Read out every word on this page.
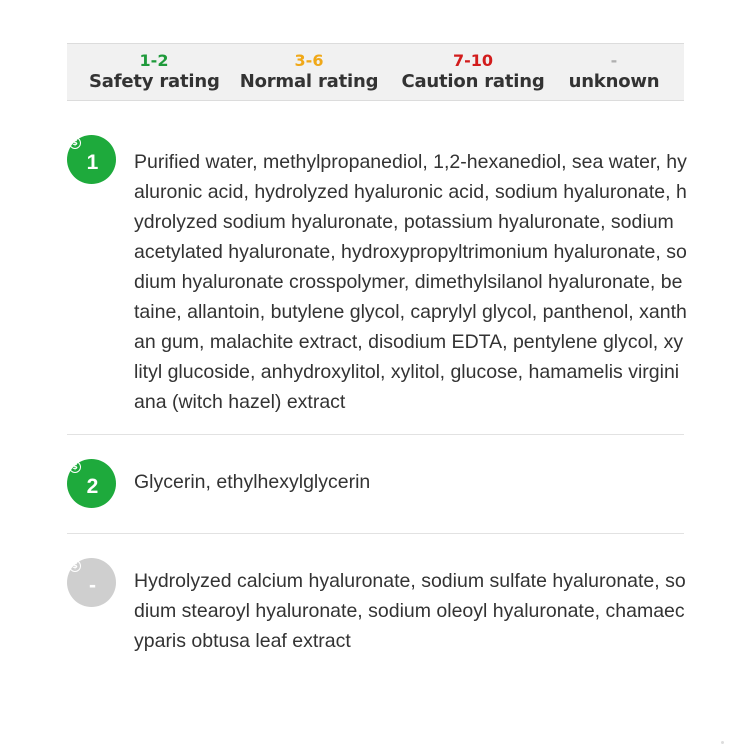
1-2
Safety rating
3-6
Normal rating
7-10
Caution rating
-
unknown
$
1	Purified water, methylpropanediol, 1,2-hexanediol, sea water, hyaluronic acid, hydrolyzed hyaluronic acid, sodium hyaluronate, hydrolyzed sodium hyaluronate, potassium hyaluronate, sodium acetylated hyaluronate, hydroxypropyltrimonium hyaluronate, sodium hyaluronate crosspolymer, dimethylsilanol hyaluronate, betaine, allantoin, butylene glycol, caprylyl glycol, panthenol, xanthan gum, malachite extract, disodium EDTA, pentylene glycol, xylityl glucoside, anhydroxylitol, xylitol, glucose, hamamelis virginiana (witch hazel) extract

$
2	Glycerin, ethylhexylglycerin

$
-	Hydrolyzed calcium hyaluronate, sodium sulfate hyaluronate, sodium stearoyl hyaluronate, sodium oleoyl hyaluronate, chamaecyparis obtusa leaf extract
